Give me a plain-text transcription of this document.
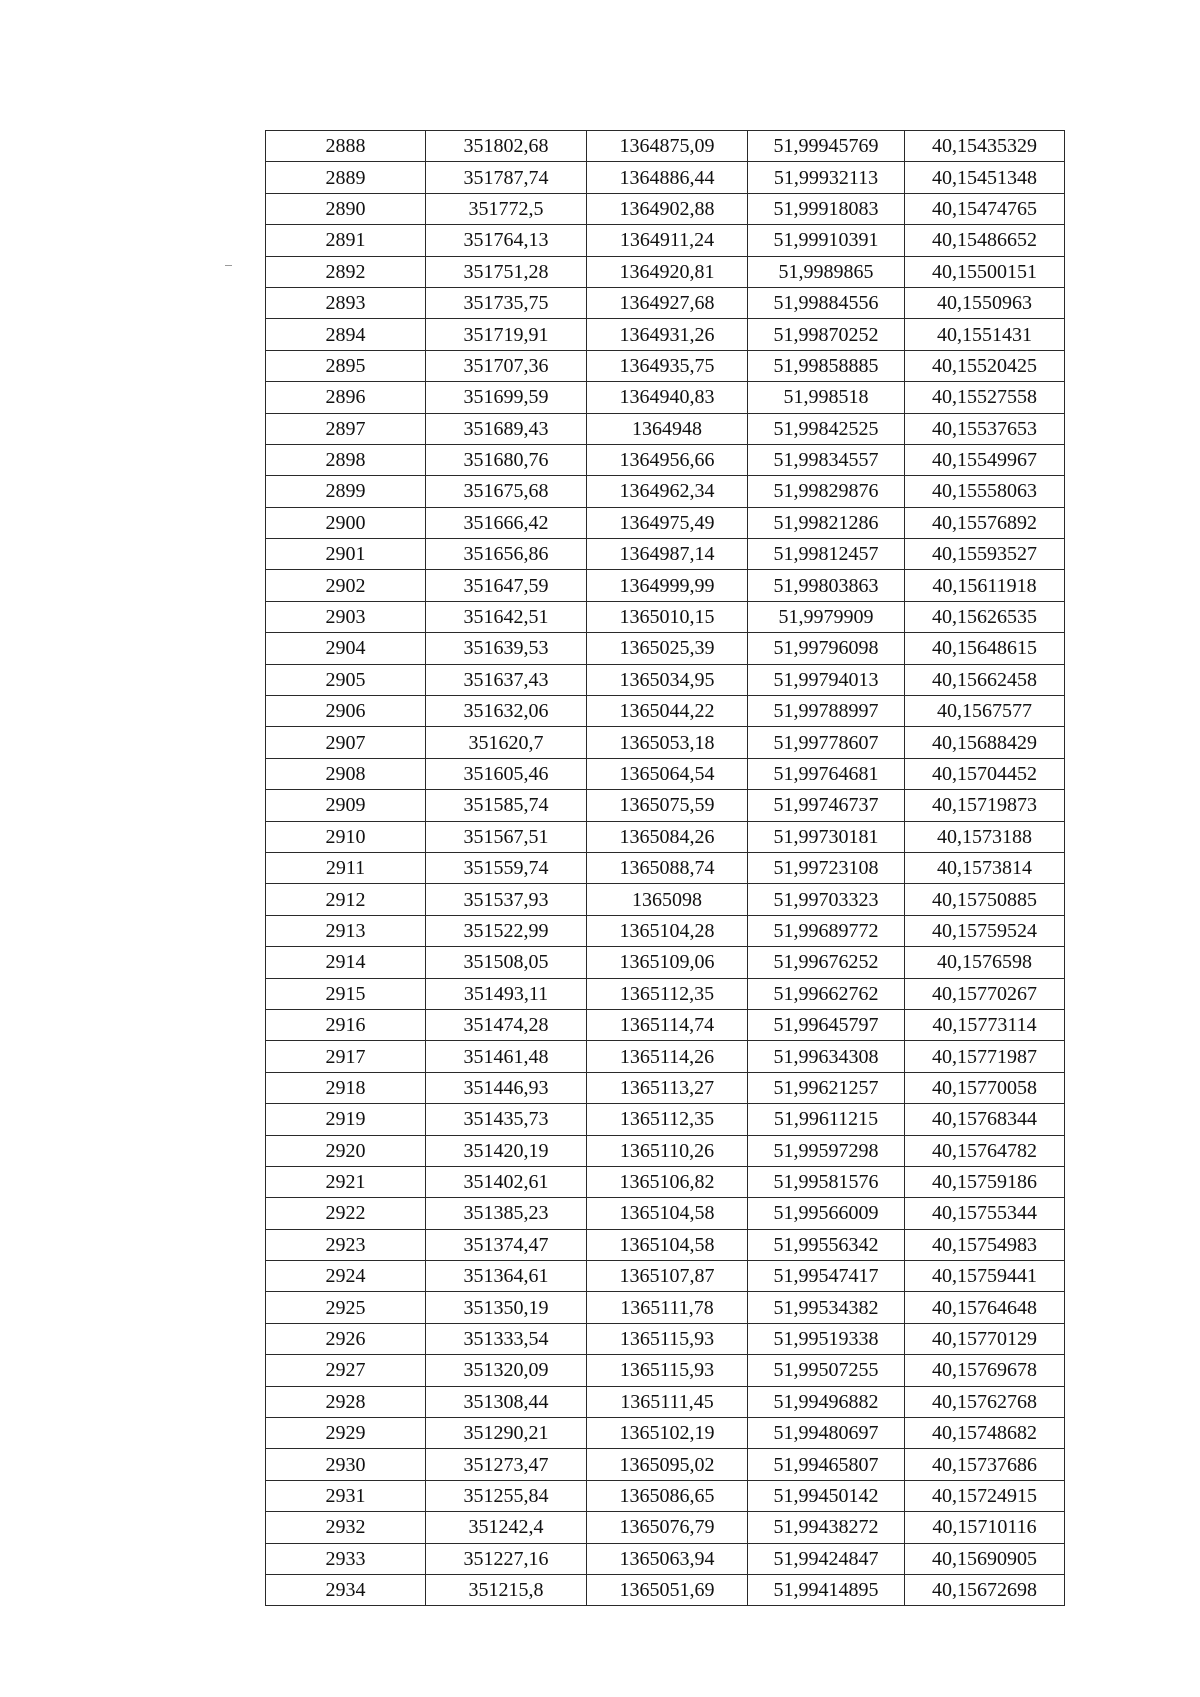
2888	351802,68	1364875,09	51,99945769	40,15435329
2889	351787,74	1364886,44	51,99932113	40,15451348
2890	351772,5	1364902,88	51,99918083	40,15474765
2891	351764,13	1364911,24	51,99910391	40,15486652
2892	351751,28	1364920,81	51,9989865	40,15500151
2893	351735,75	1364927,68	51,99884556	40,1550963
2894	351719,91	1364931,26	51,99870252	40,1551431
2895	351707,36	1364935,75	51,99858885	40,15520425
2896	351699,59	1364940,83	51,998518	40,15527558
2897	351689,43	1364948	51,99842525	40,15537653
2898	351680,76	1364956,66	51,99834557	40,15549967
2899	351675,68	1364962,34	51,99829876	40,15558063
2900	351666,42	1364975,49	51,99821286	40,15576892
2901	351656,86	1364987,14	51,99812457	40,15593527
2902	351647,59	1364999,99	51,99803863	40,15611918
2903	351642,51	1365010,15	51,9979909	40,15626535
2904	351639,53	1365025,39	51,99796098	40,15648615
2905	351637,43	1365034,95	51,99794013	40,15662458
2906	351632,06	1365044,22	51,99788997	40,1567577
2907	351620,7	1365053,18	51,99778607	40,15688429
2908	351605,46	1365064,54	51,99764681	40,15704452
2909	351585,74	1365075,59	51,99746737	40,15719873
2910	351567,51	1365084,26	51,99730181	40,1573188
2911	351559,74	1365088,74	51,99723108	40,1573814
2912	351537,93	1365098	51,99703323	40,15750885
2913	351522,99	1365104,28	51,99689772	40,15759524
2914	351508,05	1365109,06	51,99676252	40,1576598
2915	351493,11	1365112,35	51,99662762	40,15770267
2916	351474,28	1365114,74	51,99645797	40,15773114
2917	351461,48	1365114,26	51,99634308	40,15771987
2918	351446,93	1365113,27	51,99621257	40,15770058
2919	351435,73	1365112,35	51,99611215	40,15768344
2920	351420,19	1365110,26	51,99597298	40,15764782
2921	351402,61	1365106,82	51,99581576	40,15759186
2922	351385,23	1365104,58	51,99566009	40,15755344
2923	351374,47	1365104,58	51,99556342	40,15754983
2924	351364,61	1365107,87	51,99547417	40,15759441
2925	351350,19	1365111,78	51,99534382	40,15764648
2926	351333,54	1365115,93	51,99519338	40,15770129
2927	351320,09	1365115,93	51,99507255	40,15769678
2928	351308,44	1365111,45	51,99496882	40,15762768
2929	351290,21	1365102,19	51,99480697	40,15748682
2930	351273,47	1365095,02	51,99465807	40,15737686
2931	351255,84	1365086,65	51,99450142	40,15724915
2932	351242,4	1365076,79	51,99438272	40,15710116
2933	351227,16	1365063,94	51,99424847	40,15690905
2934	351215,8	1365051,69	51,99414895	40,15672698
